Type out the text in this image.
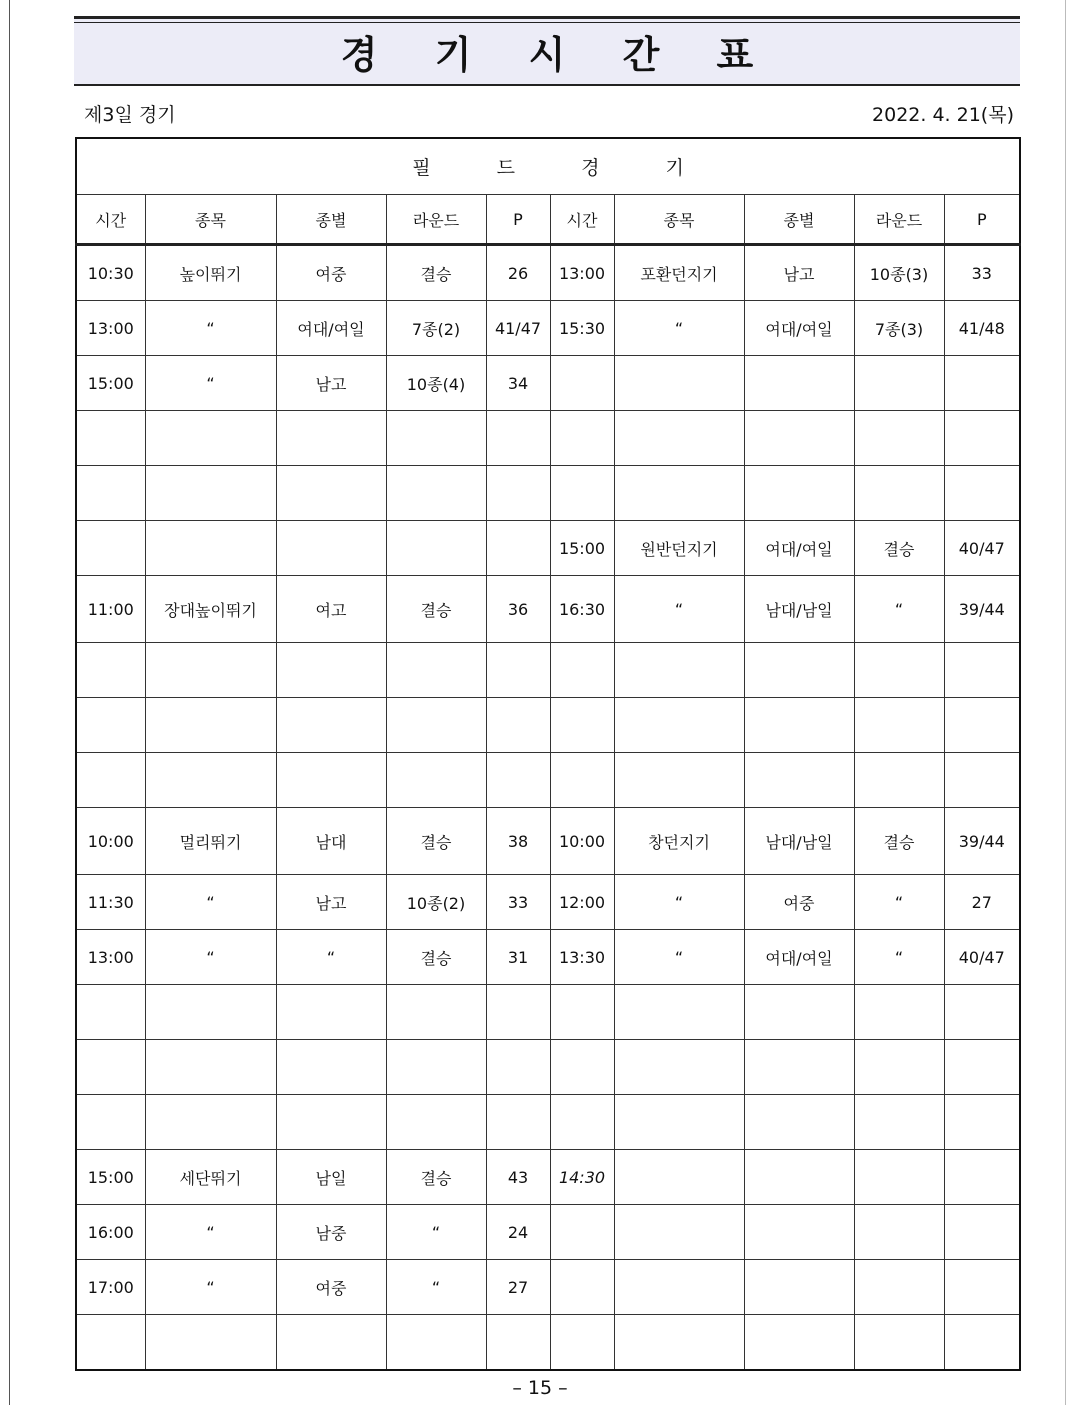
경 기 시 간 표
제3일 경기	2022. 4. 21(목)
필 드 경 기									
시간	종목	종별	라운드	P	시간	종목	종별	라운드	P
10:30	높이뛰기	여중	결승	26	13:00	포환던지기	남고	10종(3)	33
13:00	“	여대/여일	7종(2)	41/47	15:30	“	여대/여일	7종(3)	41/48
15:00	“	남고	10종(4)	34					

					15:00	원반던지기	여대/여일	결승	40/47
11:00	장대높이뛰기	여고	결승	36	16:30	“	남대/남일	“	39/44

10:00	멀리뛰기	남대	결승	38	10:00	창던지기	남대/남일	결승	39/44
11:30	“	남고	10종(2)	33	12:00	“	여중	“	27
13:00	“	“	결승	31	13:30	“	여대/여일	“	40/47

15:00	세단뛰기	남일	결승	43	14:30				
16:00	“	남중	“	24					
17:00	“	여중	“	27					

– 15 –
